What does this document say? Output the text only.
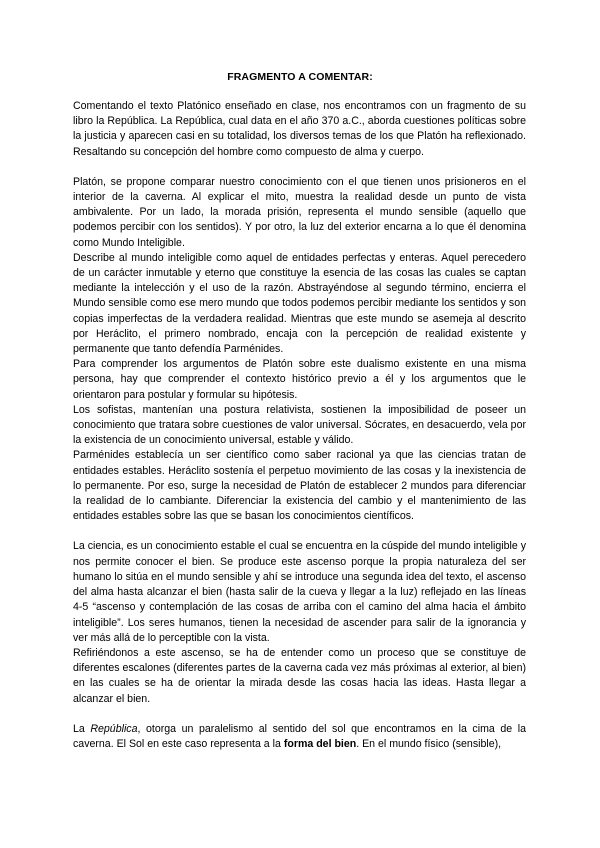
FRAGMENTO A COMENTAR:

Comentando el texto Platónico enseñado en clase, nos encontramos con un fragmento de su libro la República. La República, cual data en el año 370 a.C., aborda cuestiones políticas sobre la justicia y aparecen casi en su totalidad, los diversos temas de los que Platón ha reflexionado. Resaltando su concepción del hombre como compuesto de alma y cuerpo.

Platón, se propone comparar nuestro conocimiento con el que tienen unos prisioneros en el interior de la caverna. Al explicar el mito, muestra la realidad desde un punto de vista ambivalente. Por un lado, la morada prisión, representa el mundo sensible (aquello que podemos percibir con los sentidos). Y por otro, la luz del exterior encarna a lo que él denomina como Mundo Inteligible.

Describe al mundo inteligible como aquel de entidades perfectas y enteras. Aquel perecedero de un carácter inmutable y eterno que constituye la esencia de las cosas las cuales se captan mediante la intelección y el uso de la razón. Abstrayéndose al segundo término, encierra el Mundo sensible como ese mero mundo que todos podemos percibir mediante los sentidos y son copias imperfectas de la verdadera realidad. Mientras que este mundo se asemeja al descrito por Heráclito, el primero nombrado, encaja con la percepción de realidad existente y permanente que tanto defendía Parménides.

Para comprender los argumentos de Platón sobre este dualismo existente en una misma persona, hay que comprender el contexto histórico previo a él y los argumentos que le orientaron para postular y formular su hipótesis.

Los sofistas, mantenían una postura relativista, sostienen la imposibilidad de poseer un conocimiento que tratara sobre cuestiones de valor universal. Sócrates, en desacuerdo, vela por la existencia de un conocimiento universal, estable y válido.

Parménides establecía un ser científico como saber racional ya que las ciencias tratan de entidades estables. Heráclito sostenía el perpetuo movimiento de las cosas y la inexistencia de lo permanente. Por eso, surge la necesidad de Platón de establecer 2 mundos para diferenciar la realidad de lo cambiante. Diferenciar la existencia del cambio y el mantenimiento de las entidades estables sobre las que se basan los conocimientos científicos.

La ciencia, es un conocimiento estable el cual se encuentra en la cúspide del mundo inteligible y nos permite conocer el bien. Se produce este ascenso porque la propia naturaleza del ser humano lo sitúa en el mundo sensible y ahí se introduce una segunda idea del texto, el ascenso del alma hasta alcanzar el bien (hasta salir de la cueva y llegar a la luz) reflejado en las líneas 4-5 “ascenso y contemplación de las cosas de arriba con el camino del alma hacia el ámbito inteligible”. Los seres humanos, tienen la necesidad de ascender para salir de la ignorancia y ver más allá de lo perceptible con la vista.

Refiriéndonos a este ascenso, se ha de entender como un proceso que se constituye de diferentes escalones (diferentes partes de la caverna cada vez más próximas al exterior, al bien) en las cuales se ha de orientar la mirada desde las cosas hacia las ideas. Hasta llegar a alcanzar el bien.

La República, otorga un paralelismo al sentido del sol que encontramos en la cima de la caverna. El Sol en este caso representa a la forma del bien. En el mundo físico (sensible),
